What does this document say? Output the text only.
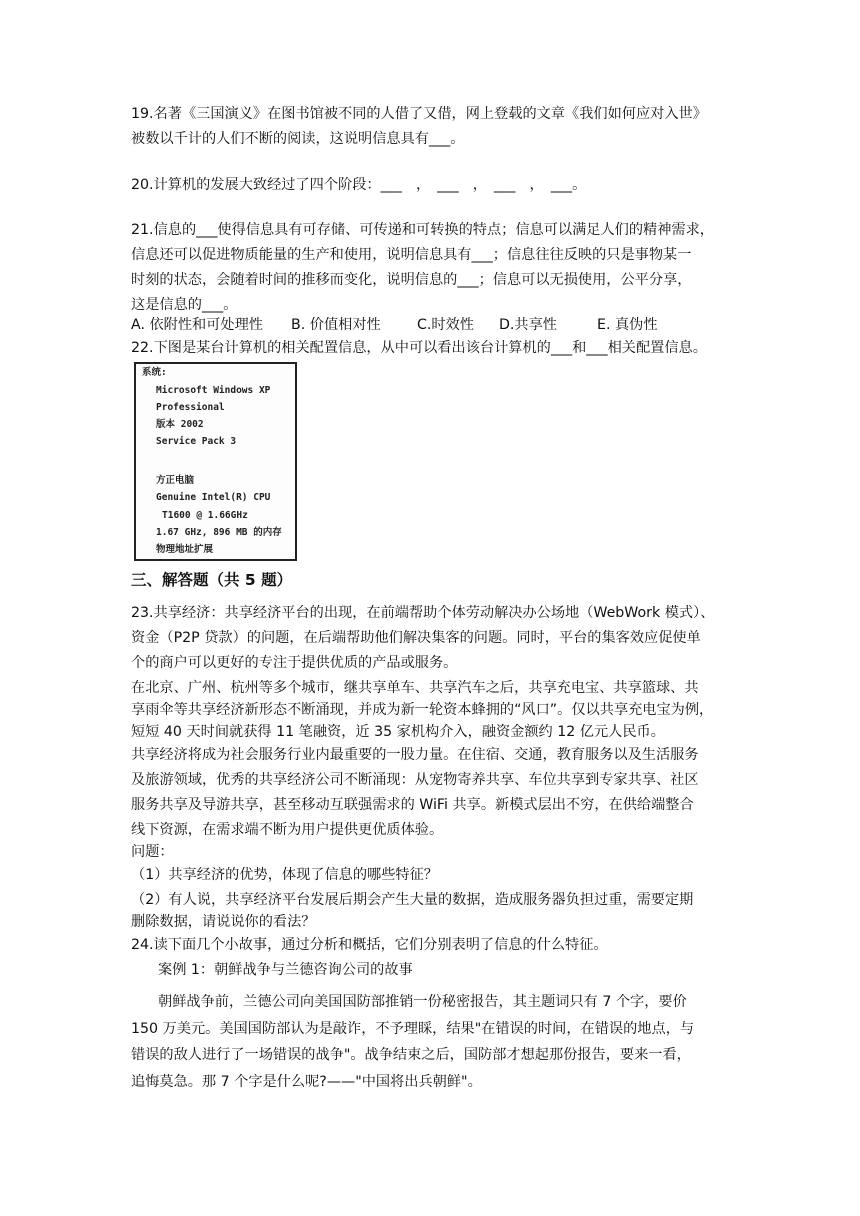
19.名著《三国演义》在图书馆被不同的人借了又借，网上登载的文章《我们如何应对入世》
被数以千计的人们不断的阅读，这说明信息具有___。
20.计算机的发展大致经过了四个阶段：___　，　___　，　___　，　___。
21.信息的___使得信息具有可存储、可传递和可转换的特点；信息可以满足人们的精神需求，
信息还可以促进物质能量的生产和使用，说明信息具有___；信息往往反映的只是事物某一
时刻的状态，会随着时间的推移而变化，说明信息的___；信息可以无损使用，公平分享，
这是信息的___。
A. 依附性和可处理性 B. 价值相对性	C.时效性 D.共享性	E. 真伪性
22.下图是某台计算机的相关配置信息，从中可以看出该台计算机的___和___相关配置信息。
系统:
Microsoft Windows XP
Professional
版本 2002
Service Pack 3
方正电脑
Genuine Intel(R) CPU
T1600 @ 1.66GHz
1.67 GHz, 896 MB 的内存
物理地址扩展
三、解答题（共 5 题）
23.共享经济：共享经济平台的出现，在前端帮助个体劳动解决办公场地（WebWork 模式）、
资金（P2P 贷款）的问题，在后端帮助他们解决集客的问题。同时，平台的集客效应促使单
个的商户可以更好的专注于提供优质的产品或服务。
在北京、广州、杭州等多个城市，继共享单车、共享汽车之后，共享充电宝、共享篮球、共
享雨伞等共享经济新形态不断涌现，并成为新一轮资本蜂拥的“风口”。仅以共享充电宝为例，
短短 40 天时间就获得 11 笔融资，近 35 家机构介入，融资金额约 12 亿元人民币。
共享经济将成为社会服务行业内最重要的一股力量。在住宿、交通，教育服务以及生活服务
及旅游领域，优秀的共享经济公司不断涌现：从宠物寄养共享、车位共享到专家共享、社区
服务共享及导游共享，甚至移动互联强需求的 WiFi 共享。新模式层出不穷，在供给端整合
线下资源，在需求端不断为用户提供更优质体验。
问题：
（1）共享经济的优势，体现了信息的哪些特征？
（2）有人说，共享经济平台发展后期会产生大量的数据，造成服务器负担过重，需要定期
删除数据，请说说你的看法？
24.读下面几个小故事，通过分析和概括，它们分别表明了信息的什么特征。
案例 1：朝鲜战争与兰德咨询公司的故事
朝鲜战争前，兰德公司向美国国防部推销一份秘密报告，其主题词只有 7 个字，要价
150 万美元。美国国防部认为是敲诈，不予理睬，结果"在错误的时间，在错误的地点，与
错误的敌人进行了一场错误的战争"。战争结束之后，国防部才想起那份报告，要来一看，
追悔莫急。那 7 个字是什么呢?——"中国将出兵朝鲜"。
